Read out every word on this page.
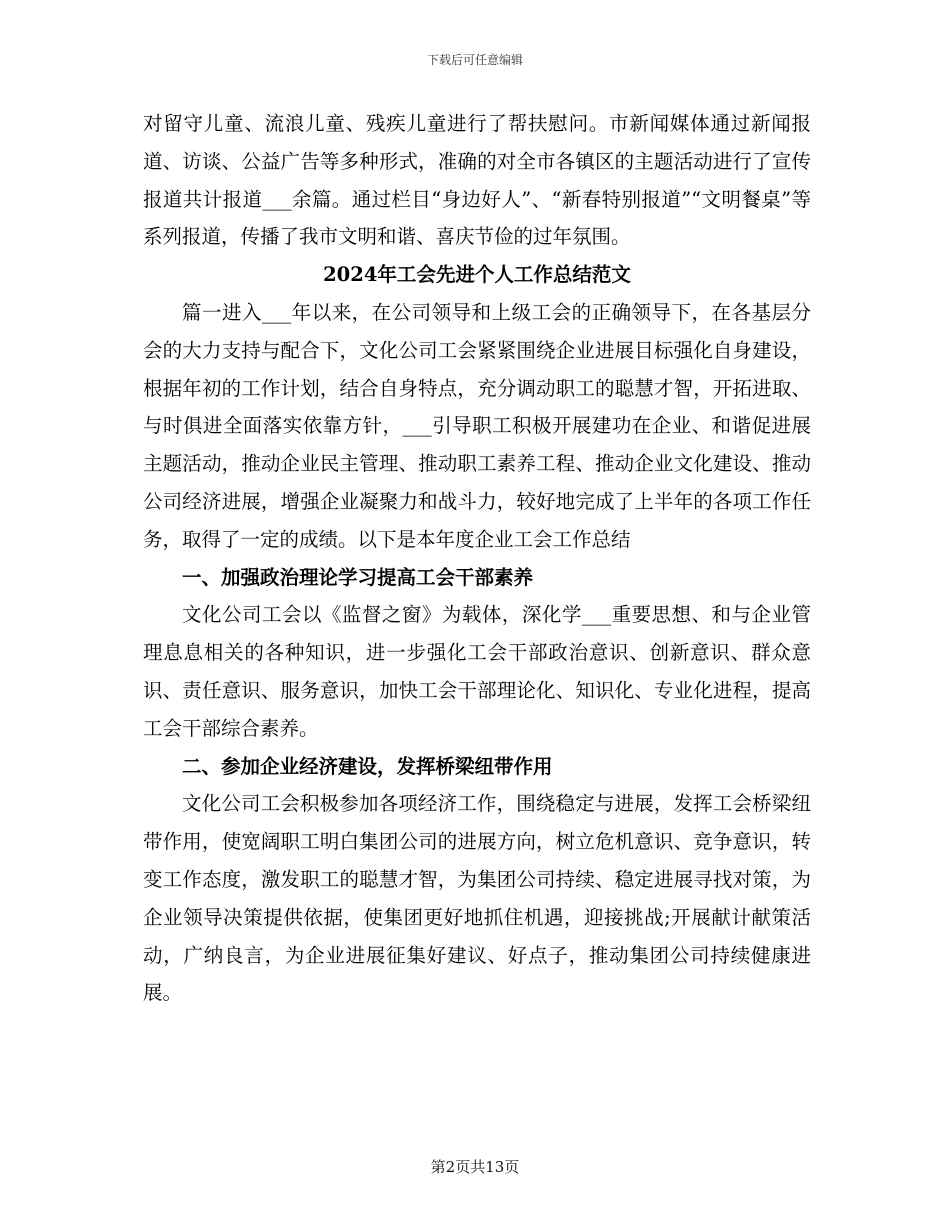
下载后可任意编辑

对留守儿童、流浪儿童、残疾儿童进行了帮扶慰问。市新闻媒体通过新闻报道、访谈、公益广告等多种形式，准确的对全市各镇区的主题活动进行了宣传报道共计报道___余篇。通过栏目“身边好人”、“新春特别报道”“文明餐桌”等系列报道，传播了我市文明和谐、喜庆节俭的过年氛围。

2024年工会先进个人工作总结范文

篇一进入___年以来，在公司领导和上级工会的正确领导下，在各基层分会的大力支持与配合下，文化公司工会紧紧围绕企业进展目标强化自身建设，根据年初的工作计划，结合自身特点，充分调动职工的聪慧才智，开拓进取、与时俱进全面落实依靠方针，___引导职工积极开展建功在企业、和谐促进展主题活动，推动企业民主管理、推动职工素养工程、推动企业文化建设、推动公司经济进展，增强企业凝聚力和战斗力，较好地完成了上半年的各项工作任务，取得了一定的成绩。以下是本年度企业工会工作总结

一、加强政治理论学习提高工会干部素养

文化公司工会以《监督之窗》为载体，深化学___重要思想、和与企业管理息息相关的各种知识，进一步强化工会干部政治意识、创新意识、群众意识、责任意识、服务意识，加快工会干部理论化、知识化、专业化进程，提高工会干部综合素养。

二、参加企业经济建设，发挥桥梁纽带作用

文化公司工会积极参加各项经济工作，围绕稳定与进展，发挥工会桥梁纽带作用，使宽阔职工明白集团公司的进展方向，树立危机意识、竞争意识，转变工作态度，激发职工的聪慧才智，为集团公司持续、稳定进展寻找对策，为企业领导决策提供依据，使集团更好地抓住机遇，迎接挑战;开展献计献策活动，广纳良言，为企业进展征集好建议、好点子，推动集团公司持续健康进展。

第2页共13页
